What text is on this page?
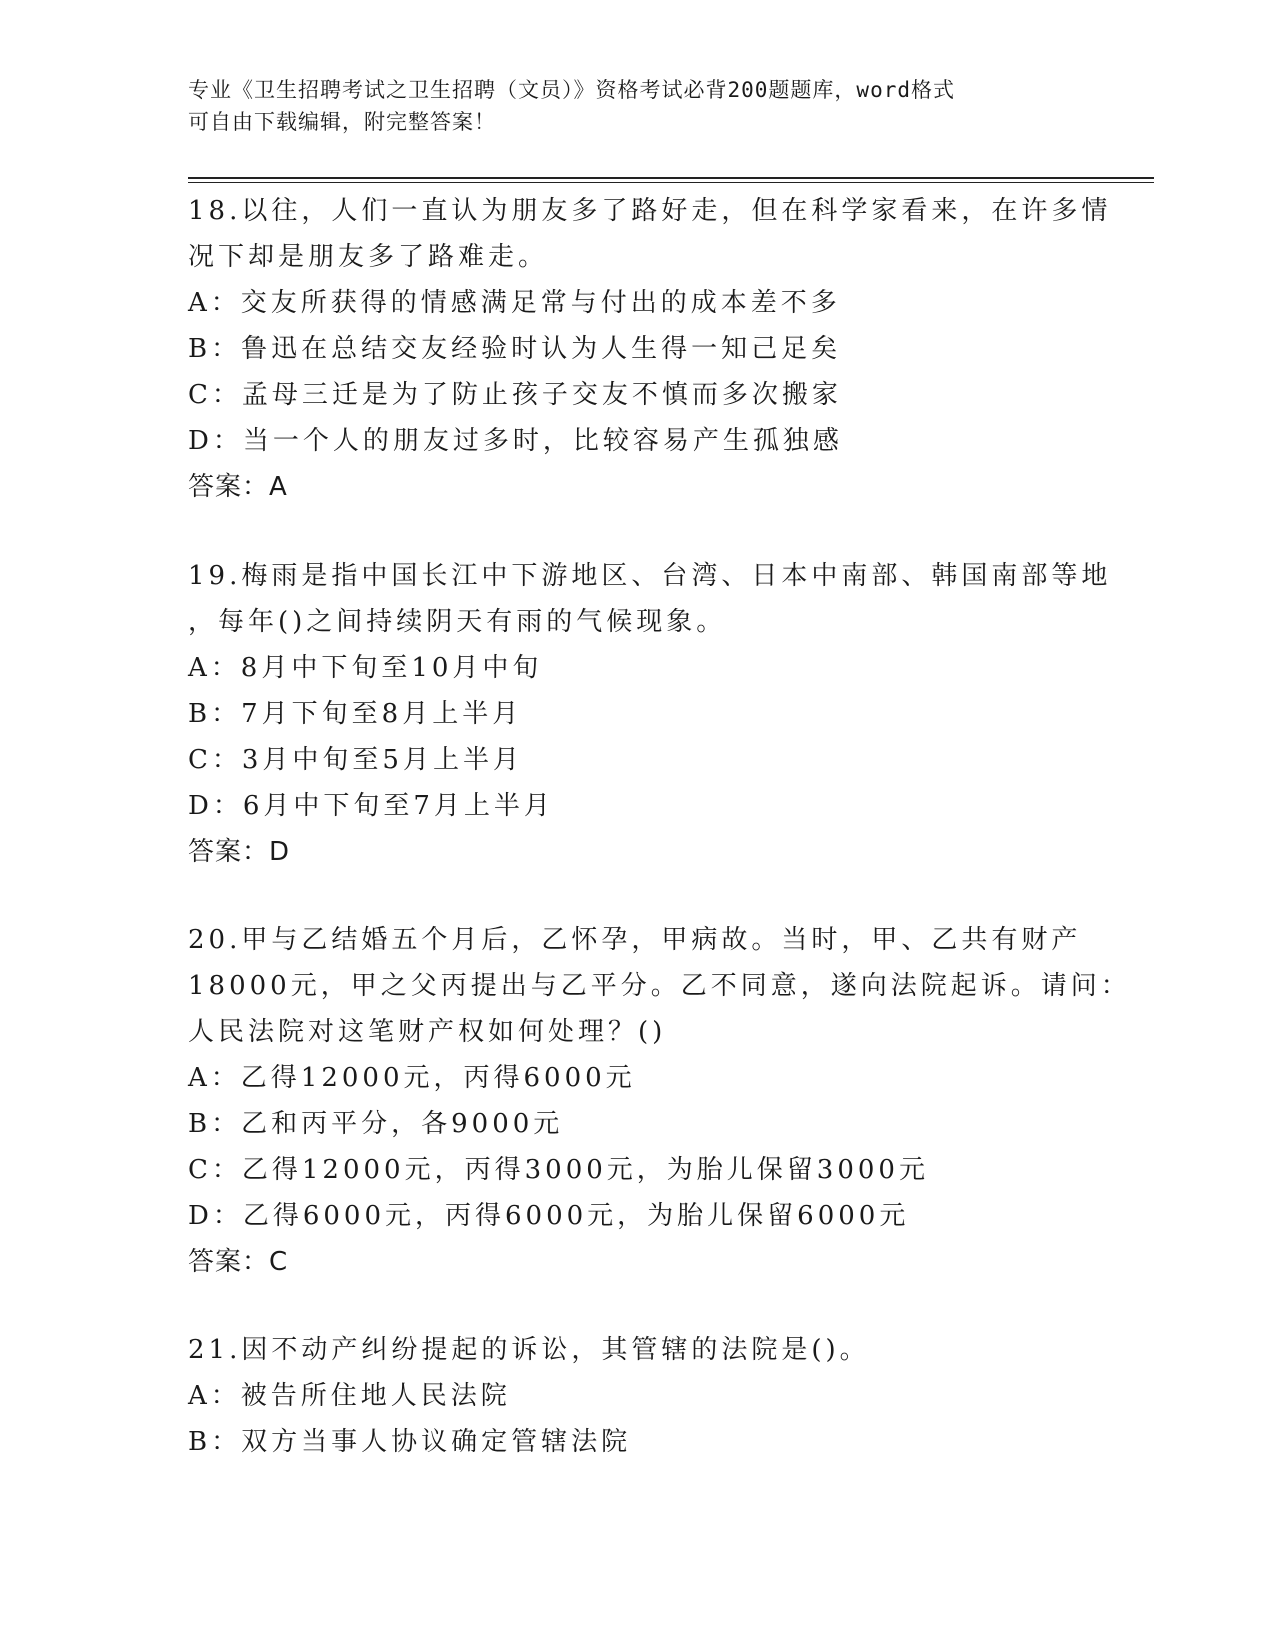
专业《卫生招聘考试之卫生招聘（文员）》资格考试必背200题题库，word格式

可自由下载编辑，附完整答案！

18.以往，人们一直认为朋友多了路好走，但在科学家看来，在许多情
况下却是朋友多了路难走。
A：交友所获得的情感满足常与付出的成本差不多
B：鲁迅在总结交友经验时认为人生得一知己足矣
C：孟母三迁是为了防止孩子交友不慎而多次搬家
D：当一个人的朋友过多时，比较容易产生孤独感
答案：A
19.梅雨是指中国长江中下游地区、台湾、日本中南部、韩国南部等地
，每年()之间持续阴天有雨的气候现象。
A：8月中下旬至10月中旬
B：7月下旬至8月上半月
C：3月中旬至5月上半月
D：6月中下旬至7月上半月
答案：D
20.甲与乙结婚五个月后，乙怀孕，甲病故。当时，甲、乙共有财产
18000元，甲之父丙提出与乙平分。乙不同意，遂向法院起诉。请问：
人民法院对这笔财产权如何处理？()
A：乙得12000元，丙得6000元
B：乙和丙平分，各9000元
C：乙得12000元，丙得3000元，为胎儿保留3000元
D：乙得6000元，丙得6000元，为胎儿保留6000元
答案：C
21.因不动产纠纷提起的诉讼，其管辖的法院是()。
A：被告所住地人民法院
B：双方当事人协议确定管辖法院
